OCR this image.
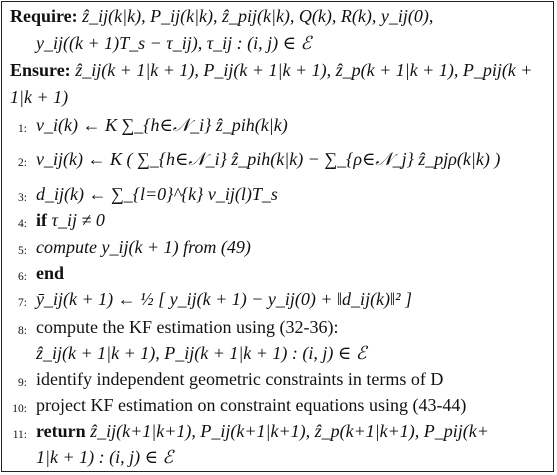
Require: ẑ_ij(k|k), P_ij(k|k), ẑ_pij(k|k), Q(k), R(k), y_ij(0),
y_ij((k + 1)T_s − τ_ij), τ_ij : (i, j) ∈ ℰ
Ensure: ẑ_ij(k + 1|k + 1), P_ij(k + 1|k + 1), ẑ_p(k + 1|k + 1), P_pij(k +
1|k + 1)
1: v_i(k) ← K ∑_{h∈𝒩_i} ẑ_pih(k|k)
2: v_ij(k) ← K ( ∑_{h∈𝒩_i} ẑ_pih(k|k) − ∑_{ρ∈𝒩_j} ẑ_pjρ(k|k) )
3: d_ij(k) ← ∑_{l=0}^{k} v_ij(l)T_s
4: if τ_ij ≠ 0
5: compute y_ij(k + 1) from (49)
6: end
7: ȳ_ij(k + 1) ← ½ [ y_ij(k + 1) − y_ij(0) + ‖d_ij(k)‖² ]
8: compute the KF estimation using (32-36):
ẑ_ij(k + 1|k + 1), P_ij(k + 1|k + 1) : (i, j) ∈ ℰ
9: identify independent geometric constraints in terms of D
10: project KF estimation on constraint equations using (43-44)
11: return ẑ_ij(k+1|k+1), P_ij(k+1|k+1), ẑ_p(k+1|k+1), P_pij(k+
1|k + 1) : (i, j) ∈ ℰ
